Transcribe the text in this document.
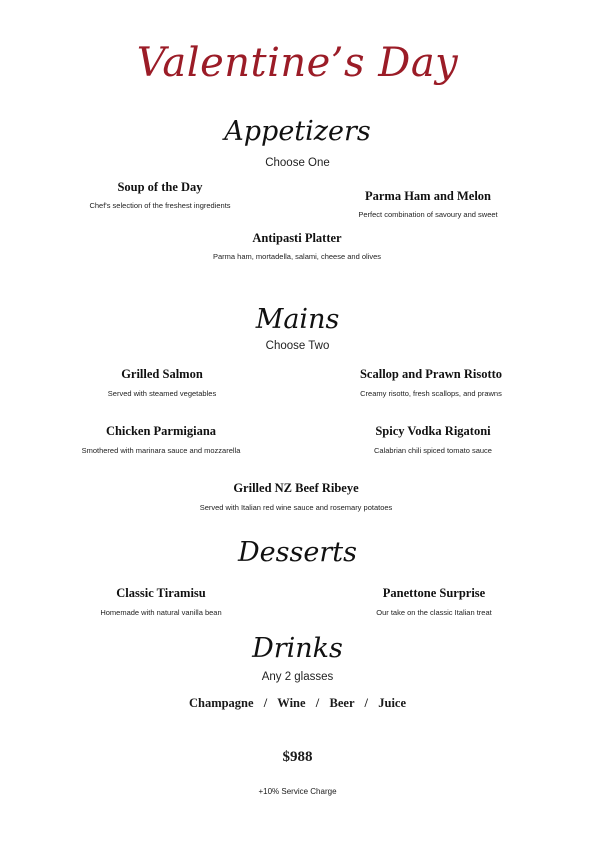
Valentine’s Day
Appetizers
Choose One
Soup of the Day
Chef's selection of the freshest ingredients
Parma Ham and Melon
Perfect combination of savoury and sweet
Antipasti Platter
Parma ham, mortadella, salami, cheese and olives
Mains
Choose Two
Grilled Salmon
Served with steamed vegetables
Scallop and Prawn Risotto
Creamy risotto, fresh scallops, and prawns
Chicken Parmigiana
Smothered with marinara sauce and mozzarella
Spicy Vodka Rigatoni
Calabrian chili spiced tomato sauce
Grilled NZ Beef Ribeye
Served with Italian red wine sauce and rosemary potatoes
Desserts
Classic Tiramisu
Homemade with natural vanilla bean
Panettone Surprise
Our take on the classic Italian treat
Drinks
Any 2 glasses
Champagne  /  Wine  /  Beer  /  Juice
$988
+10% Service Charge
